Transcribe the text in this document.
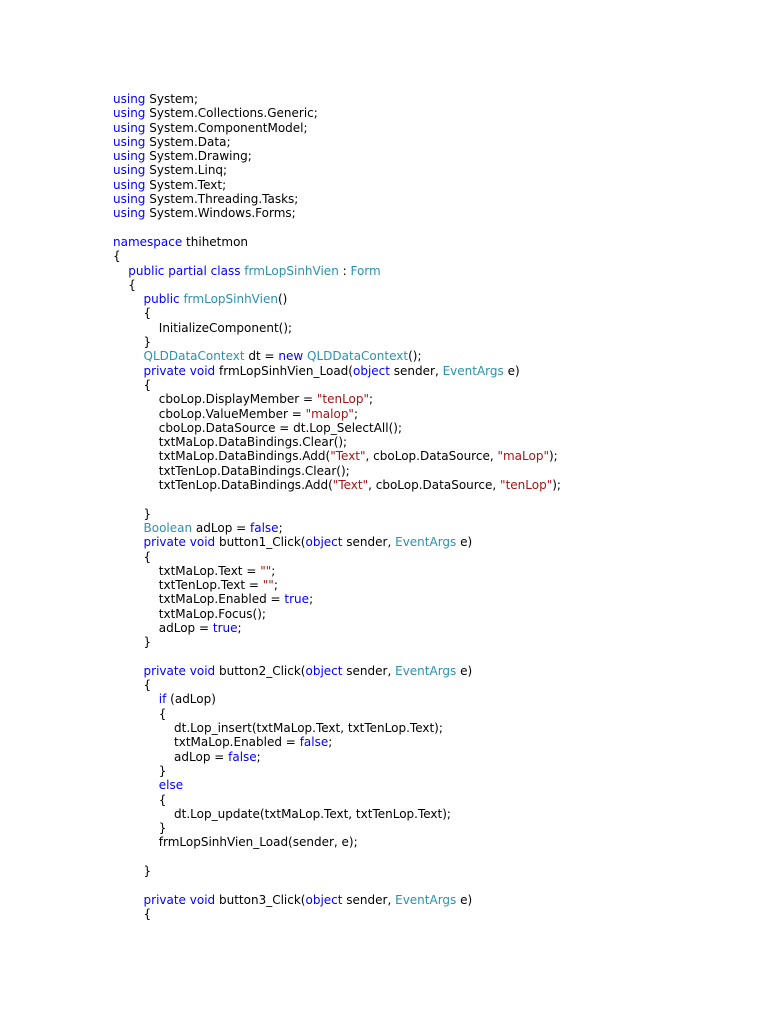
using System;
using System.Collections.Generic;
using System.ComponentModel;
using System.Data;
using System.Drawing;
using System.Linq;
using System.Text;
using System.Threading.Tasks;
using System.Windows.Forms;
namespace thihetmon
{
public partial class frmLopSinhVien : Form
{
public frmLopSinhVien()
{
InitializeComponent();
}
QLDDataContext dt = new QLDDataContext();
private void frmLopSinhVien_Load(object sender, EventArgs e)
{
cboLop.DisplayMember = "tenLop";
cboLop.ValueMember = "malop";
cboLop.DataSource = dt.Lop_SelectAll();
txtMaLop.DataBindings.Clear();
txtMaLop.DataBindings.Add("Text", cboLop.DataSource, "maLop");
txtTenLop.DataBindings.Clear();
txtTenLop.DataBindings.Add("Text", cboLop.DataSource, "tenLop");
}
Boolean adLop = false;
private void button1_Click(object sender, EventArgs e)
{
txtMaLop.Text = "";
txtTenLop.Text = "";
txtMaLop.Enabled = true;
txtMaLop.Focus();
adLop = true;
}
private void button2_Click(object sender, EventArgs e)
{
if (adLop)
{
dt.Lop_insert(txtMaLop.Text, txtTenLop.Text);
txtMaLop.Enabled = false;
adLop = false;
}
else
{
dt.Lop_update(txtMaLop.Text, txtTenLop.Text);
}
frmLopSinhVien_Load(sender, e);
}
private void button3_Click(object sender, EventArgs e)
{
